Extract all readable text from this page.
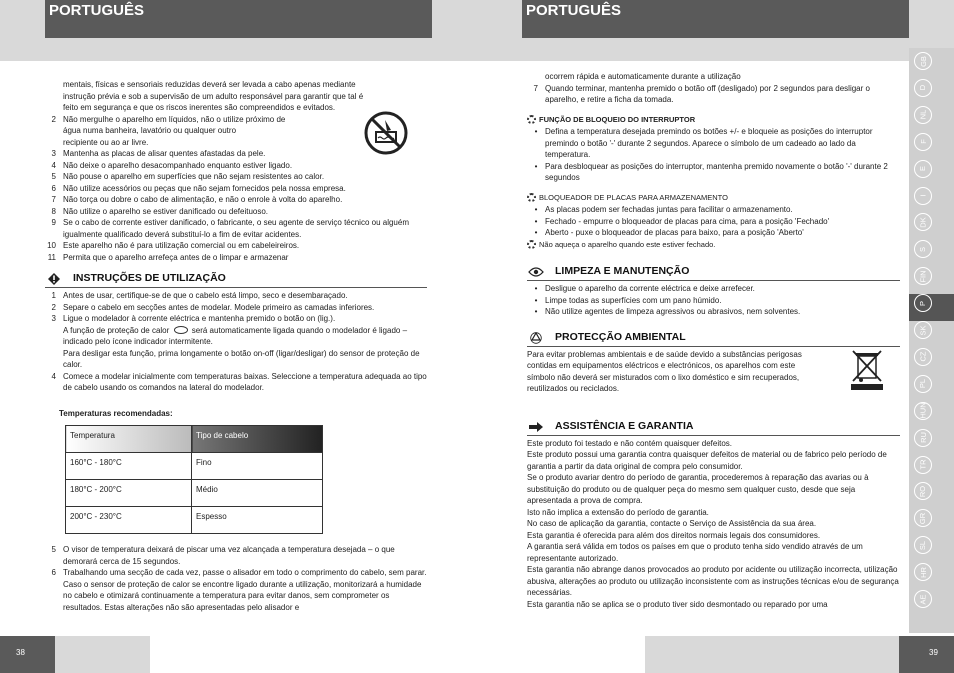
PORTUGUÊS	PORTUGUÊS
mentais, físicas e sensoriais reduzidas deverá ser levada a cabo apenas mediante
instrução prévia e sob a supervisão de um adulto responsável para garantir que tal é
feito em segurança e que os riscos inerentes são compreendidos e evitados.
2 Não mergulhe o aparelho em líquidos, não o utilize próximo de
água numa banheira, lavatório ou qualquer outro
recipiente ou ao ar livre.
3 Mantenha as placas de alisar quentes afastadas da pele.
4 Não deixe o aparelho desacompanhado enquanto estiver ligado.
5 Não pouse o aparelho em superfícies que não sejam resistentes ao calor.
6 Não utilize acessórios ou peças que não sejam fornecidos pela nossa empresa.
7 Não torça ou dobre o cabo de alimentação, e não o enrole à volta do aparelho.
8 Não utilize o aparelho se estiver danificado ou defeituoso.
9 Se o cabo de corrente estiver danificado, o fabricante, o seu agente de serviço técnico ou alguém igualmente qualificado deverá substituí-lo a fim de evitar acidentes.
10 Este aparelho não é para utilização comercial ou em cabeleireiros.
11 Permita que o aparelho arrefeça antes de o limpar e armazenar
INSTRUÇÕES DE UTILIZAÇÃO
1 Antes de usar, certifique-se de que o cabelo está limpo, seco e desembaraçado.
2 Separe o cabelo em secções antes de modelar. Modele primeiro as camadas inferiores.
3 Ligue o modelador à corrente eléctrica e mantenha premido o botão on (lig.).
A função de proteção de calor	será automaticamente ligada quando o modelador é ligado – indicado pelo ícone indicador intermitente.
Para desligar esta função, prima longamente o botão on-off (ligar/desligar) do sensor de proteção de calor.
4 Comece a modelar inicialmente com temperaturas baixas. Seleccione a temperatura adequada ao tipo de cabelo usando os comandos na lateral do modelador.
Temperaturas recomendadas:
Temperatura	Tipo de cabelo
160°C - 180°C	Fino
180°C - 200°C	Médio
200°C - 230°C	Espesso
5 O visor de temperatura deixará de piscar uma vez alcançada a temperatura desejada – o que demorará cerca de 15 segundos.
6 Trabalhando uma secção de cada vez, passe o alisador em todo o comprimento do cabelo, sem parar.
Caso o sensor de proteção de calor se encontre ligado durante a utilização, monitorizará a humidade no cabelo e otimizará continuamente a temperatura para evitar danos, sem comprometer os resultados. Estas alterações não são apresentadas pelo alisador e
ocorrem rápida e automaticamente durante a utilização
7 Quando terminar, mantenha premido o botão off (desligado) por 2 segundos para desligar o aparelho, e retire a ficha da tomada.
FUNÇÃO DE BLOQUEIO DO INTERRUPTOR
• Defina a temperatura desejada premindo os botões +/- e bloqueie as posições do interruptor premindo o botão '-' durante 2 segundos. Aparece o símbolo de um cadeado ao lado da temperatura.
• Para desbloquear as posições do interruptor, mantenha premido novamente o botão '-' durante 2 segundos
BLOQUEADOR DE PLACAS PARA ARMAZENAMENTO
• As placas podem ser fechadas juntas para facilitar o armazenamento.
• Fechado - empurre o bloqueador de placas para cima, para a posição 'Fechado'
• Aberto - puxe o bloqueador de placas para baixo, para a posição 'Aberto'
Não aqueça o aparelho quando este estiver fechado.
LIMPEZA E MANUTENÇÃO
• Desligue o aparelho da corrente eléctrica e deixe arrefecer.
• Limpe todas as superfícies com um pano húmido.
• Não utilize agentes de limpeza agressivos ou abrasivos, nem solventes.
PROTECÇÃO AMBIENTAL
Para evitar problemas ambientais e de saúde devido a substâncias perigosas contidas em equipamentos eléctricos e electrónicos, os aparelhos com este símbolo não deverá ser misturados com o lixo doméstico e sim recuperados, reutilizados ou reciclados.
ASSISTÊNCIA E GARANTIA
Este produto foi testado e não contém quaisquer defeitos.
Este produto possui uma garantia contra quaisquer defeitos de material ou de fabrico pelo período de garantia a partir da data original de compra pelo consumidor.
Se o produto avariar dentro do período de garantia, procederemos à reparação das avarias ou à substituição do produto ou de qualquer peça do mesmo sem qualquer custo, desde que seja apresentada a prova de compra.
Isto não implica a extensão do período de garantia.
No caso de aplicação da garantia, contacte o Serviço de Assistência da sua área.
Esta garantia é oferecida para além dos direitos normais legais dos consumidores.
A garantia será válida em todos os países em que o produto tenha sido vendido através de um representante autorizado.
Esta garantia não abrange danos provocados ao produto por acidente ou utilização incorrecta, utilização abusiva, alterações ao produto ou utilização inconsistente com as instruções técnicas e/ou de segurança necessárias.
Esta garantia não se aplica se o produto tiver sido desmontado ou reparado por uma
GB
D
NL
F
E
I
DK
S
FIN
P
SK
CZ
PL
HUN
RU
TR
RO
GR
SL
HR
AE
38	39
